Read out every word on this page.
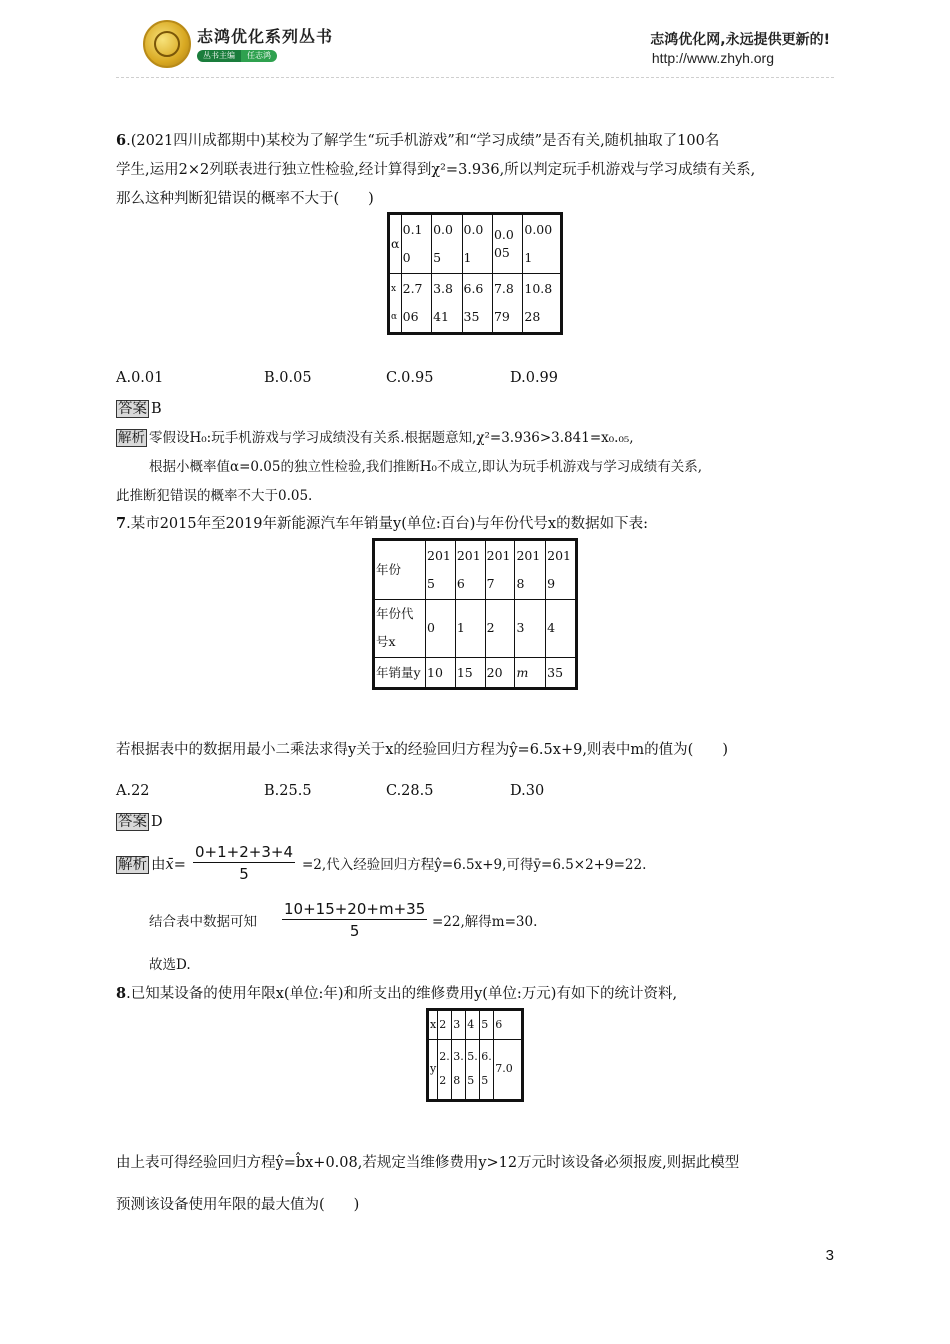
志鸿优化系列丛书
丛书主编	任志鸿
志鸿优化网,永远提供更新的!
http://www.zhyh.org
6.(2021四川成都期中)某校为了解学生“玩手机游戏”和“学习成绩”是否有关,随机抽取了100名
学生,运用2×2列联表进行独立性检验,经计算得到χ²=3.936,所以判定玩手机游戏与学习成绩有关系,
那么这种判断犯错误的概率不大于(　　)
α	0.10	0.05	0.01	0.005	0.001
xα	2.706	3.841	6.635	7.879	10.828
A.0.01	B.0.05	C.0.95	D.0.99
答案 B
解析 零假设H₀:玩手机游戏与学习成绩没有关系.根据题意知,χ²=3.936>3.841=x₀.₀₅,
根据小概率值α=0.05的独立性检验,我们推断H₀不成立,即认为玩手机游戏与学习成绩有关系,
此推断犯错误的概率不大于0.05.
7.某市2015年至2019年新能源汽车年销量y(单位:百台)与年份代号x的数据如下表:
年份	2015	2016	2017	2018	2019
年份代号x	0	1	2	3	4
年销量y	10	15	20	m	35
若根据表中的数据用最小二乘法求得y关于x的经验回归方程为ŷ=6.5x+9,则表中m的值为(　　)
A.22	B.25.5	C.28.5	D.30
答案 D
解析 由x̄= $\frac{0+1+2+3+4}{5} =2$,代入经验回归方程ŷ=6.5x+9,可得ȳ=6.5×2+9=22.
结合表中数据可知 $\frac{10+15+20+m+35}{5} =22$,解得m=30.
故选D.
8.已知某设备的使用年限x(单位:年)和所支出的维修费用y(单位:万元)有如下的统计资料,
x	2	3	4	5	6
y	2.2	3.8	5.5	6.5	7.0
由上表可得经验回归方程ŷ=b̂x+0.08,若规定当维修费用y>12万元时该设备必须报废,则据此模型
预测该设备使用年限的最大值为(　　)
3
